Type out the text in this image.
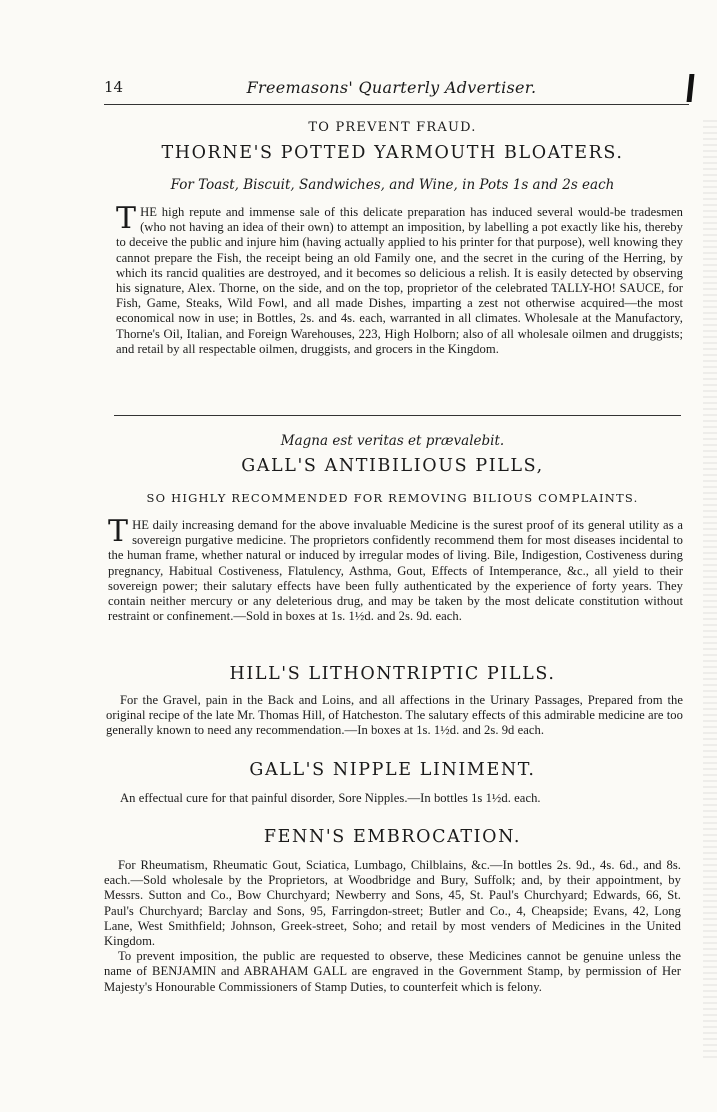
14	Freemasons' Quarterly Advertiser.
TO PREVENT FRAUD.
THORNE'S POTTED YARMOUTH BLOATERS.
For Toast, Biscuit, Sandwiches, and Wine, in Pots 1s and 2s each

THE high repute and immense sale of this delicate preparation has induced several would-be tradesmen (who not having an idea of their own) to attempt an imposition, by labelling a pot exactly like his, thereby to deceive the public and injure him (having actually applied to his printer for that purpose), well knowing they cannot prepare the Fish, the receipt being an old Family one, and the secret in the curing of the Herring, by which its rancid qualities are destroyed, and it becomes so delicious a relish. It is easily detected by observing his signature, Alex. Thorne, on the side, and on the top, proprietor of the celebrated TALLY-HO! SAUCE, for Fish, Game, Steaks, Wild Fowl, and all made Dishes, imparting a zest not otherwise acquired—the most economical now in use; in Bottles, 2s. and 4s. each, warranted in all climates. Wholesale at the Manufactory, Thorne's Oil, Italian, and Foreign Warehouses, 223, High Holborn; also of all wholesale oilmen and druggists; and retail by all respectable oilmen, druggists, and grocers in the Kingdom.

Magna est veritas et prævalebit.
GALL'S ANTIBILIOUS PILLS,
SO HIGHLY RECOMMENDED FOR REMOVING BILIOUS COMPLAINTS.

THE daily increasing demand for the above invaluable Medicine is the surest proof of its general utility as a sovereign purgative medicine. The proprietors confidently recommend them for most diseases incidental to the human frame, whether natural or induced by irregular modes of living. Bile, Indigestion, Costiveness during pregnancy, Habitual Costiveness, Flatulency, Asthma, Gout, Effects of Intemperance, &c., all yield to their sovereign power; their salutary effects have been fully authenticated by the experience of forty years. They contain neither mercury or any deleterious drug, and may be taken by the most delicate constitution without restraint or confinement.—Sold in boxes at 1s. 1½d. and 2s. 9d. each.

HILL'S LITHONTRIPTIC PILLS.

For the Gravel, pain in the Back and Loins, and all affections in the Urinary Passages, Prepared from the original recipe of the late Mr. Thomas Hill, of Hatcheston. The salutary effects of this admirable medicine are too generally known to need any recommendation.—In boxes at 1s. 1½d. and 2s. 9d each.

GALL'S NIPPLE LINIMENT.

An effectual cure for that painful disorder, Sore Nipples.—In bottles 1s 1½d. each.

FENN'S EMBROCATION.

For Rheumatism, Rheumatic Gout, Sciatica, Lumbago, Chilblains, &c.—In bottles 2s. 9d., 4s. 6d., and 8s. each.—Sold wholesale by the Proprietors, at Woodbridge and Bury, Suffolk; and, by their appointment, by Messrs. Sutton and Co., Bow Churchyard; Newberry and Sons, 45, St. Paul's Churchyard; Edwards, 66, St. Paul's Churchyard; Barclay and Sons, 95, Farringdon-street; Butler and Co., 4, Cheapside; Evans, 42, Long Lane, West Smithfield; Johnson, Greek-street, Soho; and retail by most venders of Medicines in the United Kingdom.

To prevent imposition, the public are requested to observe, these Medicines cannot be genuine unless the name of BENJAMIN and ABRAHAM GALL are engraved in the Government Stamp, by permission of Her Majesty's Honourable Commissioners of Stamp Duties, to counterfeit which is felony.
